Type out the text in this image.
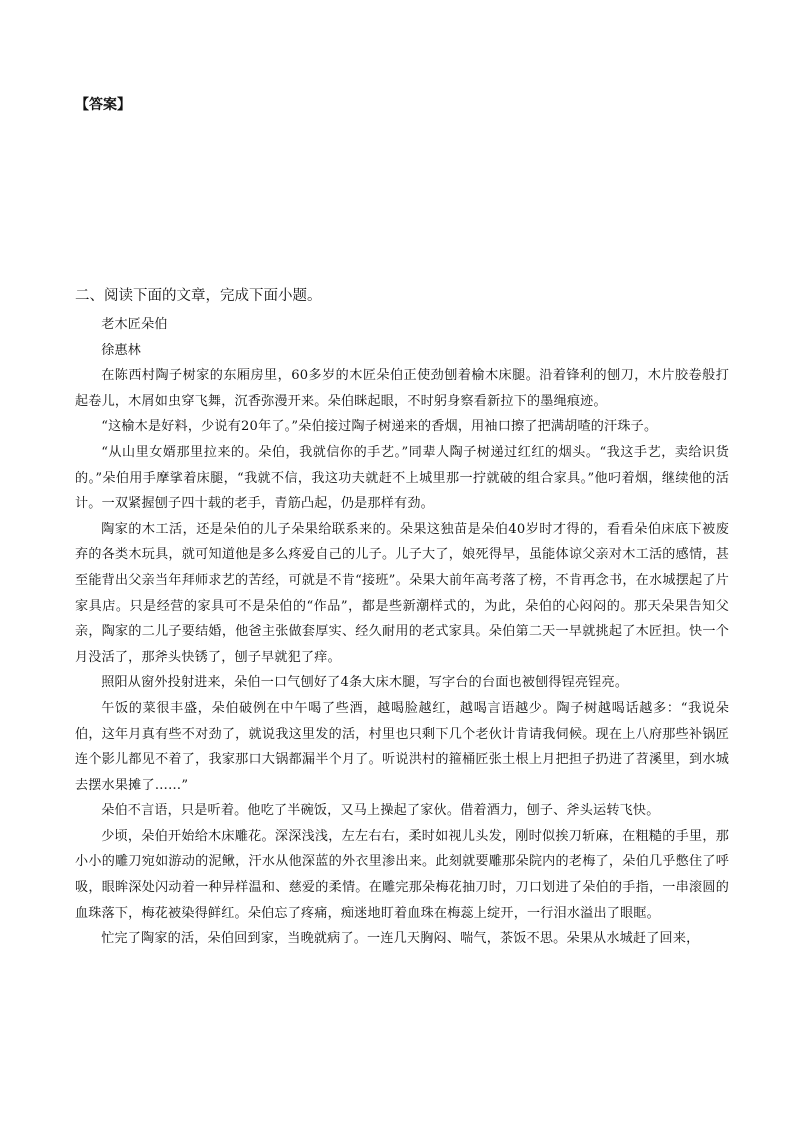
【答案】
二、阅读下面的文章，完成下面小题。

老木匠朵伯

徐惠林

在陈西村陶子树家的东厢房里，60多岁的木匠朵伯正使劲刨着榆木床腿。沿着锋利的刨刀，木片胶卷般打起卷儿，木屑如虫穿飞舞，沉香弥漫开来。朵伯眯起眼，不时躬身察看新拉下的墨绳痕迹。

“这榆木是好料，少说有20年了。”朵伯接过陶子树递来的香烟，用袖口擦了把满胡喳的汗珠子。

“从山里女婿那里拉来的。朵伯，我就信你的手艺。”同辈人陶子树递过红红的烟头。“我这手艺，卖给识货的。”朵伯用手摩挲着床腿，“我就不信，我这功夫就赶不上城里那一拧就破的组合家具。”他叼着烟，继续他的活计。一双紧握刨子四十载的老手，青筋凸起，仍是那样有劲。

陶家的木工活，还是朵伯的儿子朵果给联系来的。朵果这独苗是朵伯40岁时才得的，看看朵伯床底下被废弃的各类木玩具，就可知道他是多么疼爱自己的儿子。儿子大了，娘死得早，虽能体谅父亲对木工活的感情，甚至能背出父亲当年拜师求艺的苦经，可就是不肯“接班”。朵果大前年高考落了榜，不肯再念书，在水城摆起了片家具店。只是经营的家具可不是朵伯的“作品”，都是些新潮样式的，为此，朵伯的心闷闷的。那天朵果告知父亲，陶家的二儿子要结婚，他爸主张做套厚实、经久耐用的老式家具。朵伯第二天一早就挑起了木匠担。快一个月没活了，那斧头快锈了，刨子早就犯了痒。

照阳从窗外投射进来，朵伯一口气刨好了4条大床木腿，写字台的台面也被刨得锃亮锃亮。

午饭的菜很丰盛，朵伯破例在中午喝了些酒，越喝脸越红，越喝言语越少。陶子树越喝话越多：“我说朵伯，这年月真有些不对劲了，就说我这里发的活，村里也只剩下几个老伙计肯请我伺候。现在上八府那些补锅匠连个影儿都见不着了，我家那口大锅都漏半个月了。听说洪村的箍桶匠张土根上月把担子扔进了苕溪里，到水城去摆水果摊了……”

朵伯不言语，只是听着。他吃了半碗饭，又马上操起了家伙。借着酒力，刨子、斧头运转飞快。

少顷，朵伯开始给木床雕花。深深浅浅，左左右右，柔时如视儿头发，刚时似挨刀斩麻，在粗糙的手里，那小小的雕刀宛如游动的泥鳅，汗水从他深蓝的外衣里渗出来。此刻就要雕那朵院内的老梅了，朵伯几乎憋住了呼吸，眼眸深处闪动着一种异样温和、慈爱的柔情。在雕完那朵梅花抽刀时，刀口划进了朵伯的手指，一串滚圆的血珠落下，梅花被染得鲜红。朵伯忘了疼痛，痴迷地盯着血珠在梅蕊上绽开，一行泪水溢出了眼眶。

忙完了陶家的活，朵伯回到家，当晚就病了。一连几天胸闷、喘气，茶饭不思。朵果从水城赶了回来，
